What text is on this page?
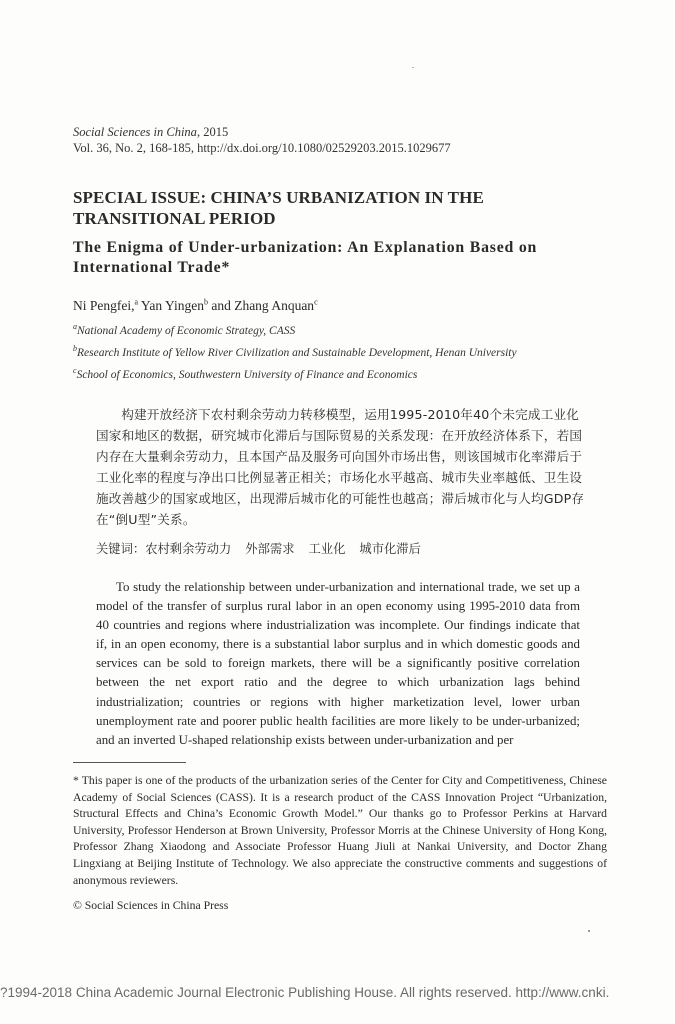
Social Sciences in China, 2015
Vol. 36, No. 2, 168-185, http://dx.doi.org/10.1080/02529203.2015.1029677
SPECIAL ISSUE: CHINA’S URBANIZATION IN THE TRANSITIONAL PERIOD
The Enigma of Under-urbanization: An Explanation Based on International Trade*
Ni Pengfei,$^a$ Yan Yingen$^b$ and Zhang Anquan$^c$
$^a$National Academy of Economic Strategy, CASS
$^b$Research Institute of Yellow River Civilization and Sustainable Development, Henan University
$^c$School of Economics, Southwestern University of Finance and Economics
构建开放经济下农村剩余劳动力转移模型，运用1995-2010年40个未完成工业化国家和地区的数据，研究城市化滞后与国际贸易的关系发现：在开放经济体系下，若国内存在大量剩余劳动力，且本国产品及服务可向国外市场出售，则该国城市化率滞后于工业化率的程度与净出口比例显著正相关；市场化水平越高、城市失业率越低、卫生设施改善越少的国家或地区，出现滞后城市化的可能性也越高；滞后城市化与人均GDP存在“倒U型”关系。
关键词：农村剩余劳动力 外部需求 工业化 城市化滞后
To study the relationship between under-urbanization and international trade, we set up a model of the transfer of surplus rural labor in an open economy using 1995-2010 data from 40 countries and regions where industrialization was incomplete. Our findings indicate that if, in an open economy, there is a substantial labor surplus and in which domestic goods and services can be sold to foreign markets, there will be a significantly positive correlation between the net export ratio and the degree to which urbanization lags behind industrialization; countries or regions with higher marketization level, lower urban unemployment rate and poorer public health facilities are more likely to be under-urbanized; and an inverted U-shaped relationship exists between under-urbanization and per
* This paper is one of the products of the urbanization series of the Center for City and Competitiveness, Chinese Academy of Social Sciences (CASS). It is a research product of the CASS Innovation Project “Urbanization, Structural Effects and China’s Economic Growth Model.” Our thanks go to Professor Perkins at Harvard University, Professor Henderson at Brown University, Professor Morris at the Chinese University of Hong Kong, Professor Zhang Xiaodong and Associate Professor Huang Jiuli at Nankai University, and Doctor Zhang Lingxiang at Beijing Institute of Technology. We also appreciate the constructive comments and suggestions of anonymous reviewers.
© Social Sciences in China Press
?1994-2018 China Academic Journal Electronic Publishing House. All rights reserved. http://www.cnki.
